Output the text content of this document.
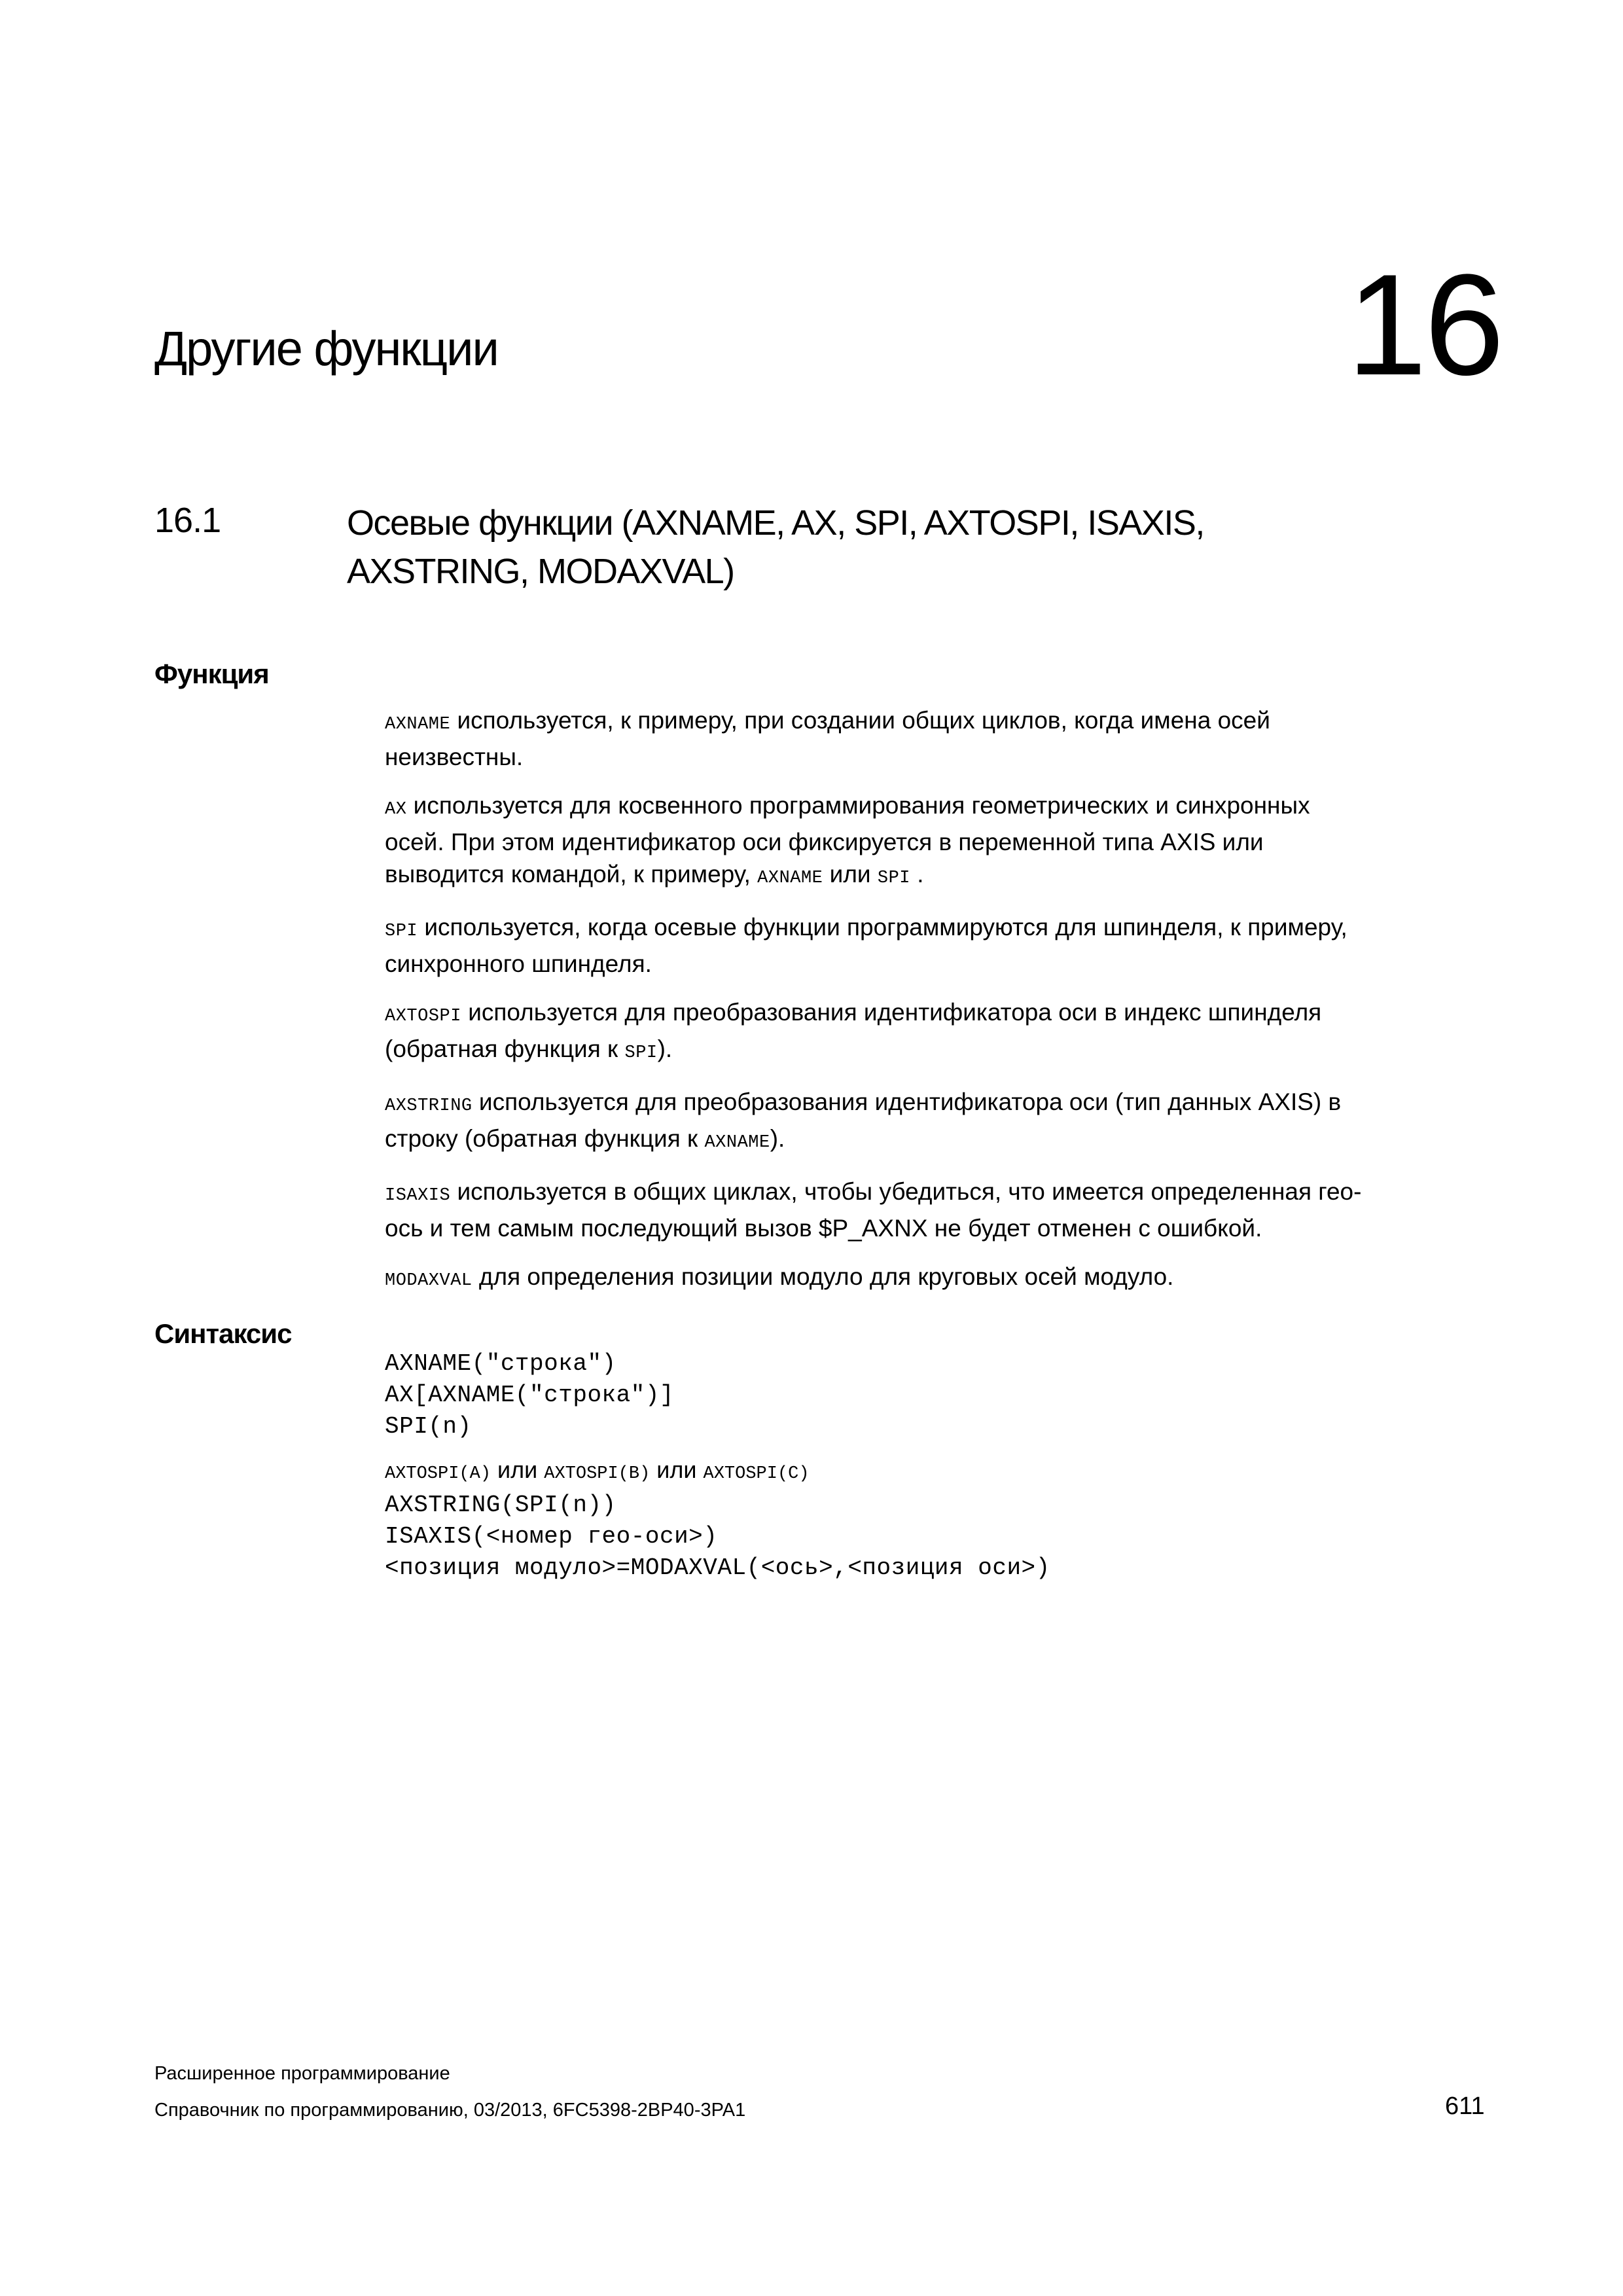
Другие функции	16
16.1	Осевые функции (AXNAME, AX, SPI, AXTOSPI, ISAXIS,
AXSTRING, MODAXVAL)
Функция
AXNAME используется, к примеру, при создании общих циклов, когда имена осей
неизвестны.
AX используется для косвенного программирования геометрических и синхронных
осей. При этом идентификатор оси фиксируется в переменной типа AXIS или
выводится командой, к примеру, AXNAME или SPI .
SPI используется, когда осевые функции программируются для шпинделя, к примеру,
синхронного шпинделя.
AXTOSPI используется для преобразования идентификатора оси в индекс шпинделя
(обратная функция к SPI).
AXSTRING используется для преобразования идентификатора оси (тип данных AXIS) в
строку (обратная функция к AXNAME).
ISAXIS используется в общих циклах, чтобы убедиться, что имеется определенная гео-
ось и тем самым последующий вызов $P_AXNX не будет отменен с ошибкой.
MODAXVAL для определения позиции модуло для круговых осей модуло.
Синтаксис
AXNAME("строка")
AX[AXNAME("строка")]
SPI(n)
AXTOSPI(A) или AXTOSPI(B) или AXTOSPI(C)
AXSTRING(SPI(n))
ISAXIS(<номер гео-оси>)
<позиция модуло>=MODAXVAL(<ось>,<позиция оси>)
Расширенное программирование
Справочник по программированию, 03/2013, 6FC5398-2BP40-3PA1	611
